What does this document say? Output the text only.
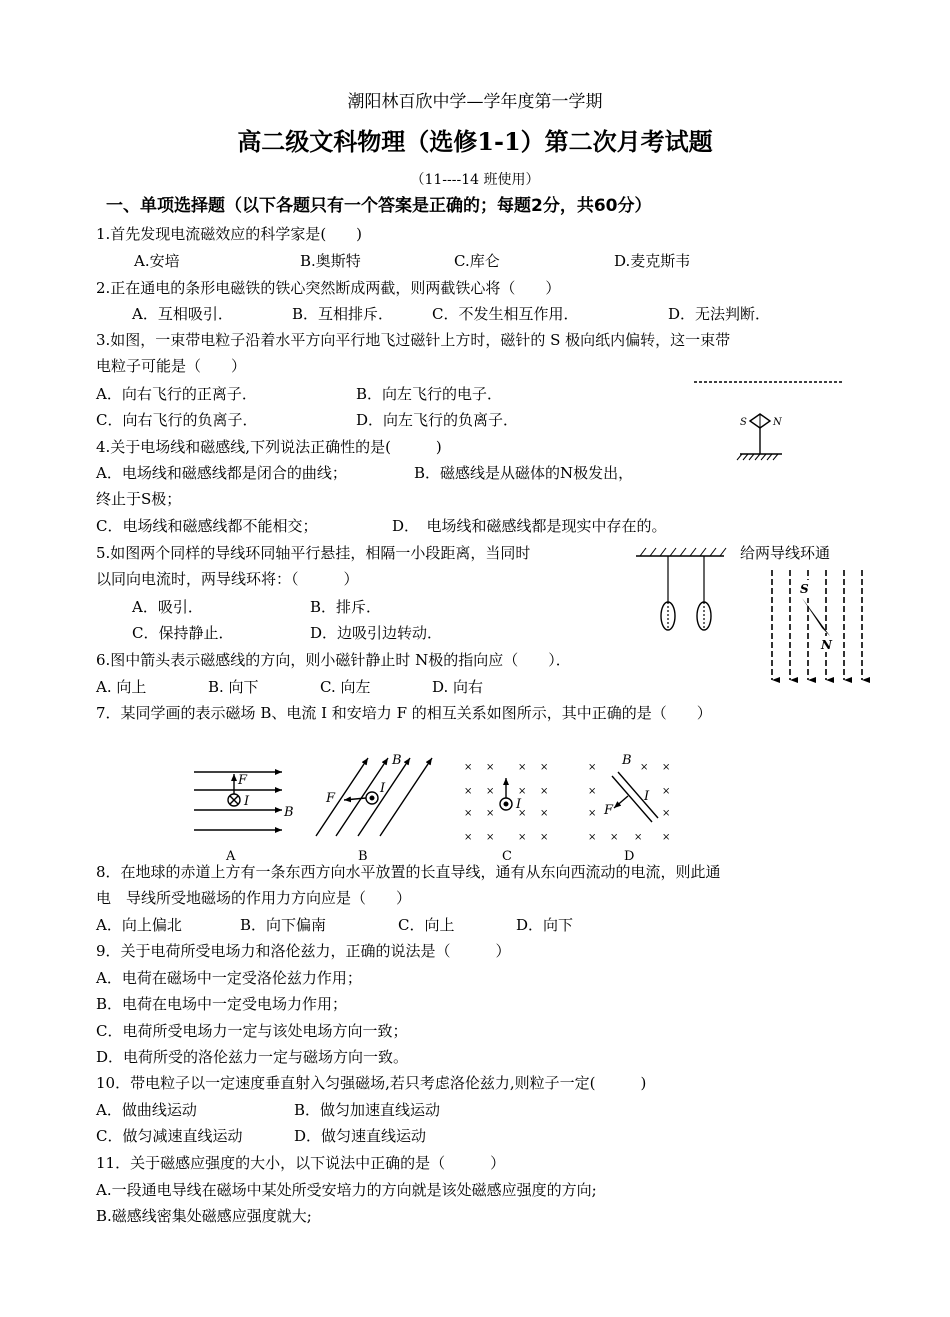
潮阳林百欣中学—学年度第一学期
高二级文科物理（选修1-1）第二次月考试题
（11----14 班使用）
一、单项选择题（以下各题只有一个答案是正确的；每题2分，共60分）
1.首先发现电流磁效应的科学家是(　　)
A.安培	B.奥斯特	C.库仑	D.麦克斯韦
2.正在通电的条形电磁铁的铁心突然断成两截，则两截铁心将（　　）
A．互相吸引．	B．互相排斥．	C．不发生相互作用．	D．无法判断．
3.如图，一束带电粒子沿着水平方向平行地飞过磁针上方时，磁针的 S 极向纸内偏转，这一束带
电粒子可能是（　　）
A．向右飞行的正离子．	B．向左飞行的电子．
C．向右飞行的负离子．	D．向左飞行的负离子．	S	N
4.关于电场线和磁感线,下列说法正确性的是(　　　)
A．电场线和磁感线都是闭合的曲线；	B．磁感线是从磁体的N极发出，
终止于S极；
C．电场线和磁感线都不能相交；	D．　电场线和磁感线都是现实中存在的。
5.如图两个同样的导线环同轴平行悬挂，相隔一小段距离，当同时	给两导线环通
以同向电流时，两导线环将：（　　　）
A．吸引．	B．排斥．
C．保持静止．	D．边吸引边转动．
6.图中箭头表示磁感线的方向，则小磁针静止时 N极的指向应（　　）．
A. 向上	B. 向下	C. 向左	D. 向右
S
N
7．某同学画的表示磁场 B、电流 I 和安培力 F 的相互关系如图所示，其中正确的是（　　）
F
I
B
A
F
I
B
B
× × × ×
× × × ×
× × × ×
× × × ×
I
C
×	× ×
×	×
×	×
× × × ×
B
I
F
D
8．在地球的赤道上方有一条东西方向水平放置的长直导线，通有从东向西流动的电流，则此通
电　导线所受地磁场的作用力方向应是（　　）
A．向上偏北	B．向下偏南	C．向上	D．向下
9．关于电荷所受电场力和洛伦兹力，正确的说法是（　　　）
A．电荷在磁场中一定受洛伦兹力作用；
B．电荷在电场中一定受电场力作用；
C．电荷所受电场力一定与该处电场方向一致；
D．电荷所受的洛伦兹力一定与磁场方向一致。
10．带电粒子以一定速度垂直射入匀强磁场,若只考虑洛伦兹力,则粒子一定(　　　)
A．做曲线运动	B．做匀加速直线运动
C．做匀减速直线运动	D．做匀速直线运动
11．关于磁感应强度的大小，以下说法中正确的是（　　　）
A.一段通电导线在磁场中某处所受安培力的方向就是该处磁感应强度的方向;
B.磁感线密集处磁感应强度就大;
